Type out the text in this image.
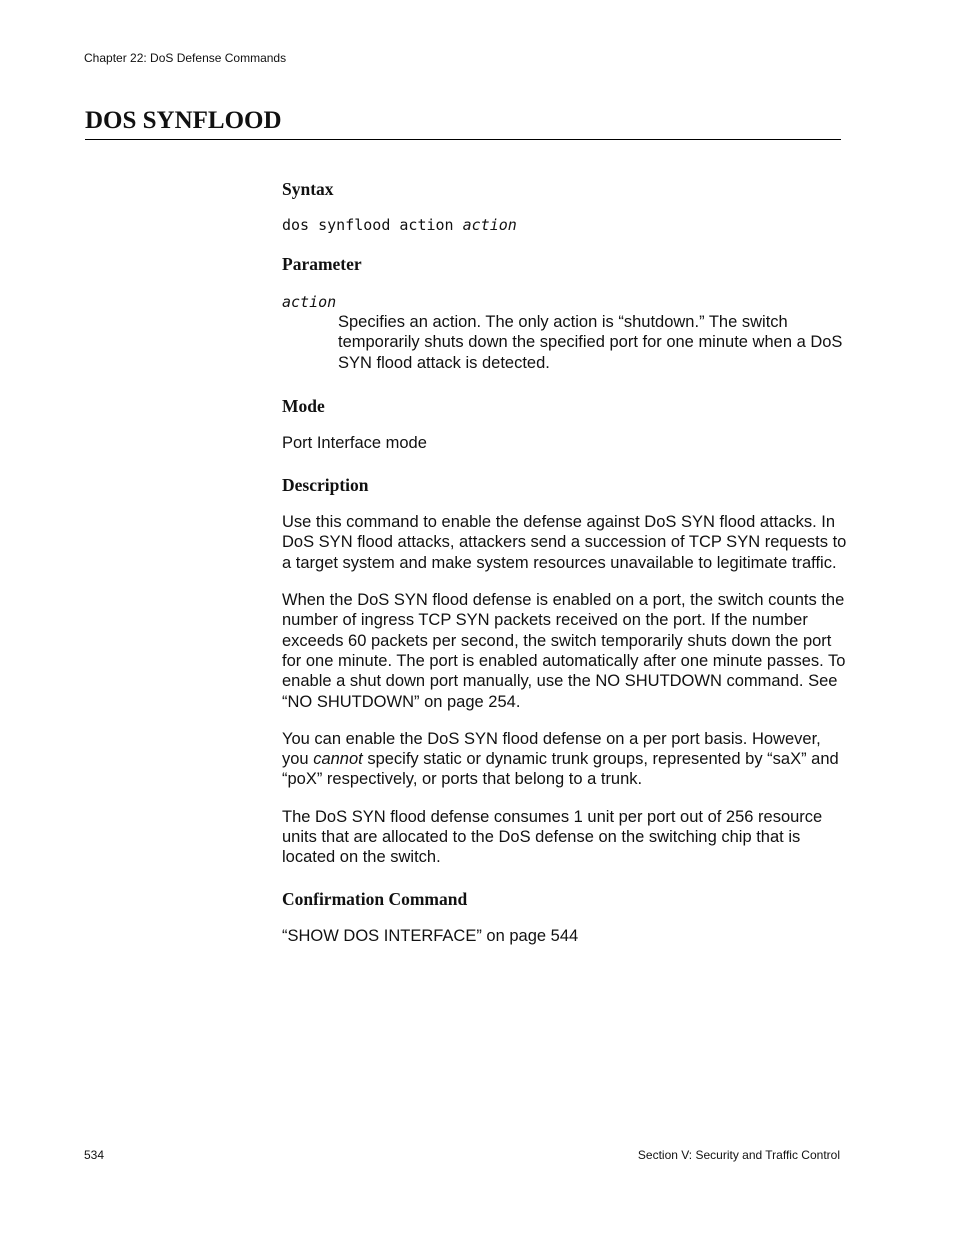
Chapter 22: DoS Defense Commands
DOS SYNFLOOD
Syntax
dos synflood action action
Parameter
action
Specifies an action. The only action is “shutdown.” The switch temporarily shuts down the specified port for one minute when a DoS SYN flood attack is detected.
Mode

Port Interface mode

Description

Use this command to enable the defense against DoS SYN flood attacks. In DoS SYN flood attacks, attackers send a succession of TCP SYN requests to a target system and make system resources unavailable to legitimate traffic.

When the DoS SYN flood defense is enabled on a port, the switch counts the number of ingress TCP SYN packets received on the port. If the number exceeds 60 packets per second, the switch temporarily shuts down the port for one minute. The port is enabled automatically after one minute passes. To enable a shut down port manually, use the NO SHUTDOWN command. See “NO SHUTDOWN” on page 254.

You can enable the DoS SYN flood defense on a per port basis. However, you cannot specify static or dynamic trunk groups, represented by “saX” and “poX” respectively, or ports that belong to a trunk.

The DoS SYN flood defense consumes 1 unit per port out of 256 resource units that are allocated to the DoS defense on the switching chip that is located on the switch.

Confirmation Command

“SHOW DOS INTERFACE” on page 544

534	Section V: Security and Traffic Control
